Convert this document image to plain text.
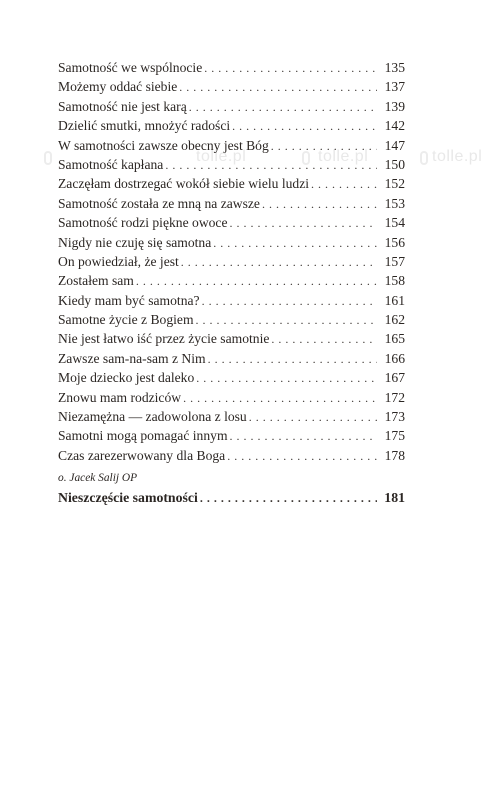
tolle.pl	tolle.pl	tolle.pl
Samotność we wspólnocie . . .	135
Możemy oddać siebie . . .	137
Samotność nie jest karą . . .	139
Dzielić smutki, mnożyć radości . . .	142
W samotności zawsze obecny jest Bóg . . .	147
Samotność kapłana . . .	150
Zaczęłam dostrzegać wokół siebie wielu ludzi . . .	152
Samotność została ze mną na zawsze . . .	153
Samotność rodzi piękne owoce . . .	154
Nigdy nie czuję się samotna . . .	156
On powiedział, że jest . . .	157
Zostałem sam . . .	158
Kiedy mam być samotna? . . .	161
Samotne życie z Bogiem . . .	162
Nie jest łatwo iść przez życie samotnie . . .	165
Zawsze sam-na-sam z Nim . . .	166
Moje dziecko jest daleko . . .	167
Znowu mam rodziców . . .	172
Niezamężna — zadowolona z losu . . .	173
Samotni mogą pomagać innym . . .	175
Czas zarezerwowany dla Boga . . .	178
o. Jacek Salij OP
Nieszczęście samotności . . .	181
